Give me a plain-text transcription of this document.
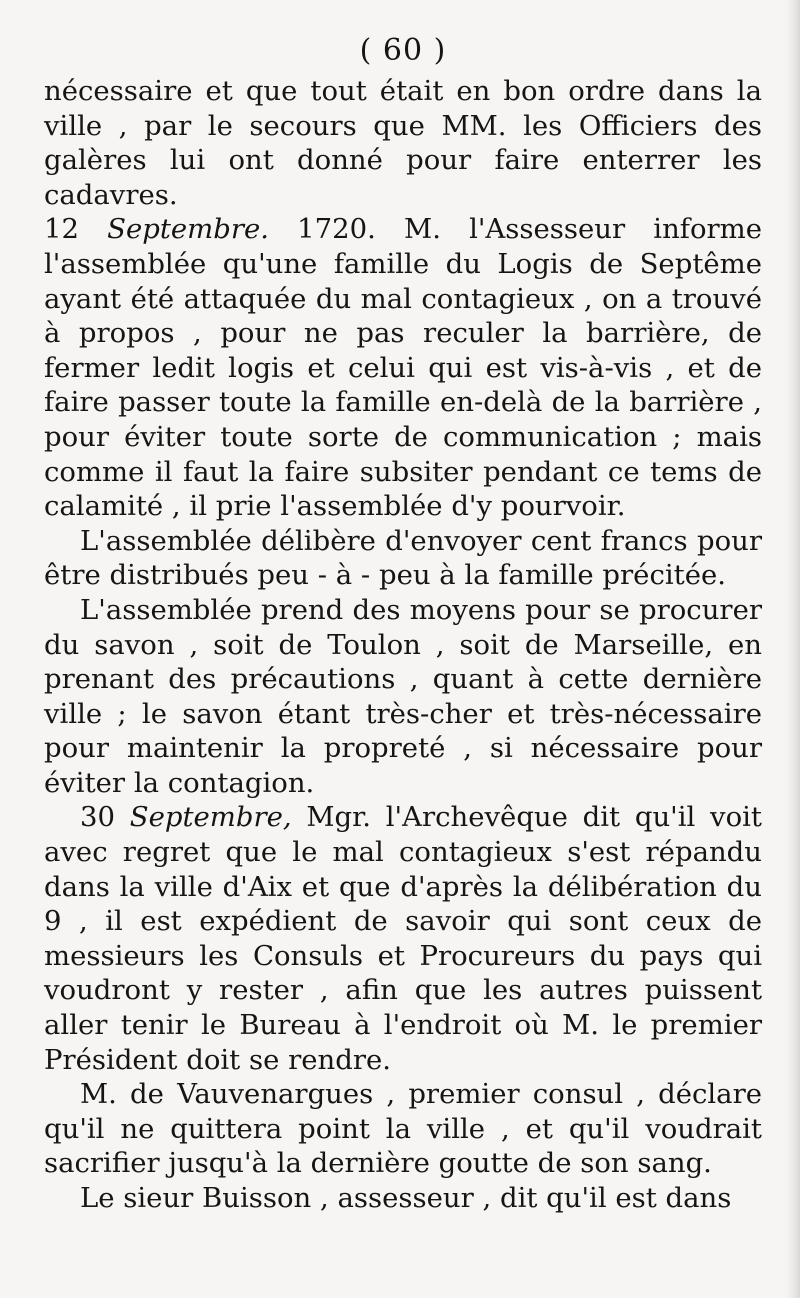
( 60 )

nécessaire et que tout était en bon ordre dans la ville , par le secours que MM. les Officiers des galères lui ont donné pour faire enterrer les cadavres.

12 Septembre. 1720. M. l'Assesseur informe l'assemblée qu'une famille du Logis de Septême ayant été attaquée du mal contagieux , on a trouvé à propos , pour ne pas reculer la barrière, de fermer ledit logis et celui qui est vis-à-vis , et de faire passer toute la famille en-delà de la barrière , pour éviter toute sorte de communication ; mais comme il faut la faire subsiter pendant ce tems de calamité , il prie l'assemblée d'y pourvoir.

L'assemblée délibère d'envoyer cent francs pour être distribués peu - à - peu à la famille précitée.

L'assemblée prend des moyens pour se procurer du savon , soit de Toulon , soit de Marseille, en prenant des précautions , quant à cette dernière ville ; le savon étant très-cher et très-nécessaire pour maintenir la propreté , si nécessaire pour éviter la contagion.

30 Septembre, Mgr. l'Archevêque dit qu'il voit avec regret que le mal contagieux s'est répandu dans la ville d'Aix et que d'après la délibération du 9 , il est expédient de savoir qui sont ceux de messieurs les Consuls et Procureurs du pays qui voudront y rester , afin que les autres puissent aller tenir le Bureau à l'endroit où M. le premier Président doit se rendre.

M. de Vauvenargues , premier consul , déclare qu'il ne quittera point la ville , et qu'il voudrait sacrifier jusqu'à la dernière goutte de son sang.

Le sieur Buisson , assesseur , dit qu'il est dans
